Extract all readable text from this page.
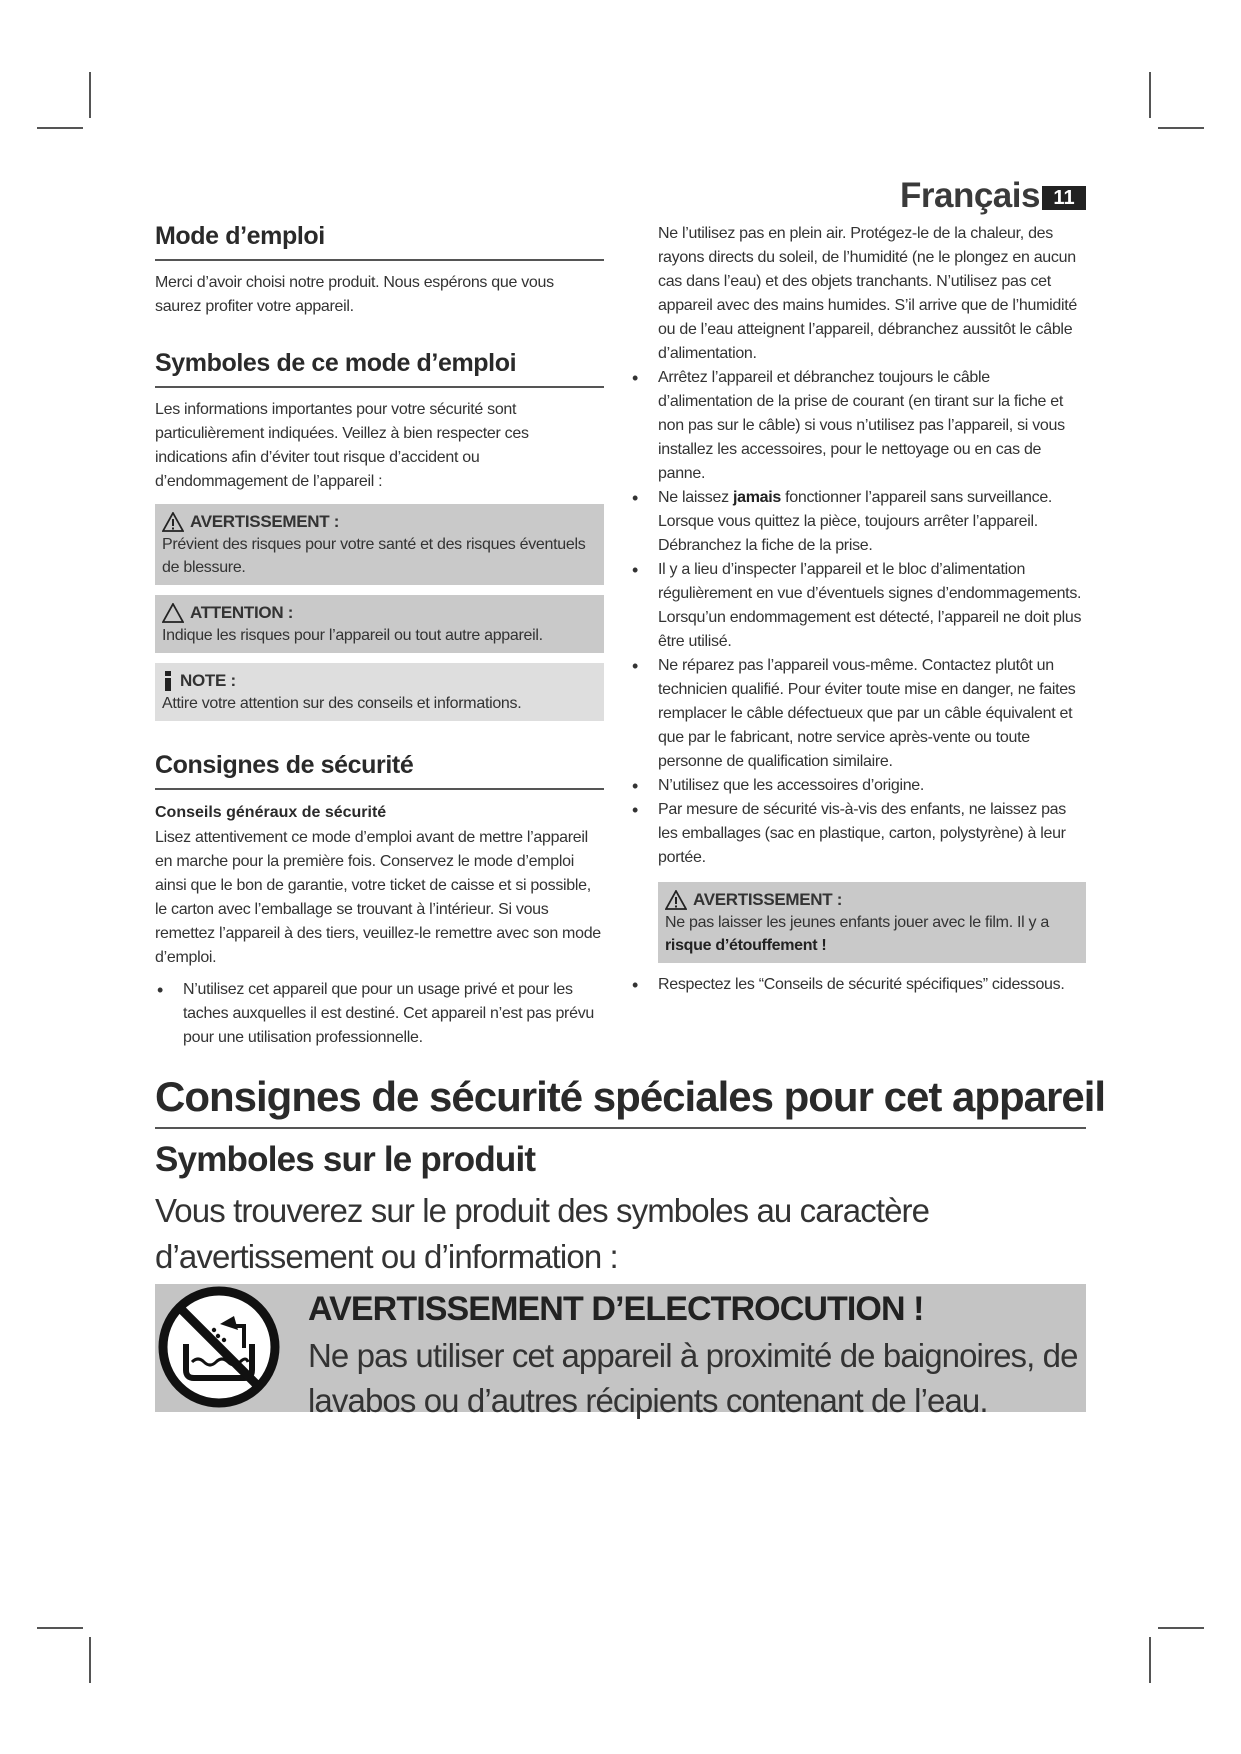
Français 11
Mode d’emploi

Merci d’avoir choisi notre produit. Nous espérons que vous saurez profiter votre appareil.

Symboles de ce mode d’emploi

Les informations importantes pour votre sécurité sont particulièrement indiquées. Veillez à bien respecter ces indications afin d’éviter tout risque d’accident ou d’endommagement de l’appareil :

AVERTISSEMENT :
Prévient des risques pour votre santé et des risques éventuels de blessure.
ATTENTION :
Indique les risques pour l’appareil ou tout autre appareil.
NOTE :
Attire votre attention sur des conseils et informations.
Consignes de sécurité
Conseils généraux de sécurité

Lisez attentivement ce mode d’emploi avant de mettre l’appareil en marche pour la première fois. Conservez le mode d’emploi ainsi que le bon de garantie, votre ticket de caisse et si possible, le carton avec l’emballage se trouvant à l’intérieur. Si vous remettez l’appareil à des tiers, veuillez-le remettre avec son mode d’emploi.

• N’utilisez cet appareil que pour un usage privé et pour les taches auxquelles il est destiné. Cet appareil n’est pas prévu pour une utilisation professionnelle.

Ne l’utilisez pas en plein air. Protégez-le de la chaleur, des rayons directs du soleil, de l’humidité (ne le plongez en aucun cas dans l’eau) et des objets tranchants. N’utilisez pas cet appareil avec des mains humides. S’il arrive que de l’humidité ou de l’eau atteignent l’appareil, débranchez aussitôt le câble d’alimentation.

• Arrêtez l’appareil et débranchez toujours le câble d’alimentation de la prise de courant (en tirant sur la fiche et non pas sur le câble) si vous n’utilisez pas l’appareil, si vous installez les accessoires, pour le nettoyage ou en cas de panne.
• Ne laissez jamais fonctionner l’appareil sans surveillance. Lorsque vous quittez la pièce, toujours arrêter l’appareil. Débranchez la fiche de la prise.
• Il y a lieu d’inspecter l’appareil et le bloc d’alimentation régulièrement en vue d’éventuels signes d’endommagements. Lorsqu’un endommagement est détecté, l’appareil ne doit plus être utilisé.
• Ne réparez pas l’appareil vous-même. Contactez plutôt un technicien qualifié. Pour éviter toute mise en danger, ne faites remplacer le câble défectueux que par un câble équivalent et que par le fabricant, notre service après-vente ou toute personne de qualification similaire.
• N’utilisez que les accessoires d’origine.
• Par mesure de sécurité vis-à-vis des enfants, ne laissez pas les emballages (sac en plastique, carton, polystyrène) à leur portée.
AVERTISSEMENT :
Ne pas laisser les jeunes enfants jouer avec le film. Il y a risque d’étouffement !
• Respectez les “Conseils de sécurité spécifiques” cidessous.
Consignes de sécurité spéciales pour cet appareil
Symboles sur le produit
Vous trouverez sur le produit des symboles au caractère d’avertissement ou d’information :
AVERTISSEMENT D’ELECTROCUTION !
Ne pas utiliser cet appareil à proximité de baignoires, de lavabos ou d’autres récipients contenant de l’eau.
